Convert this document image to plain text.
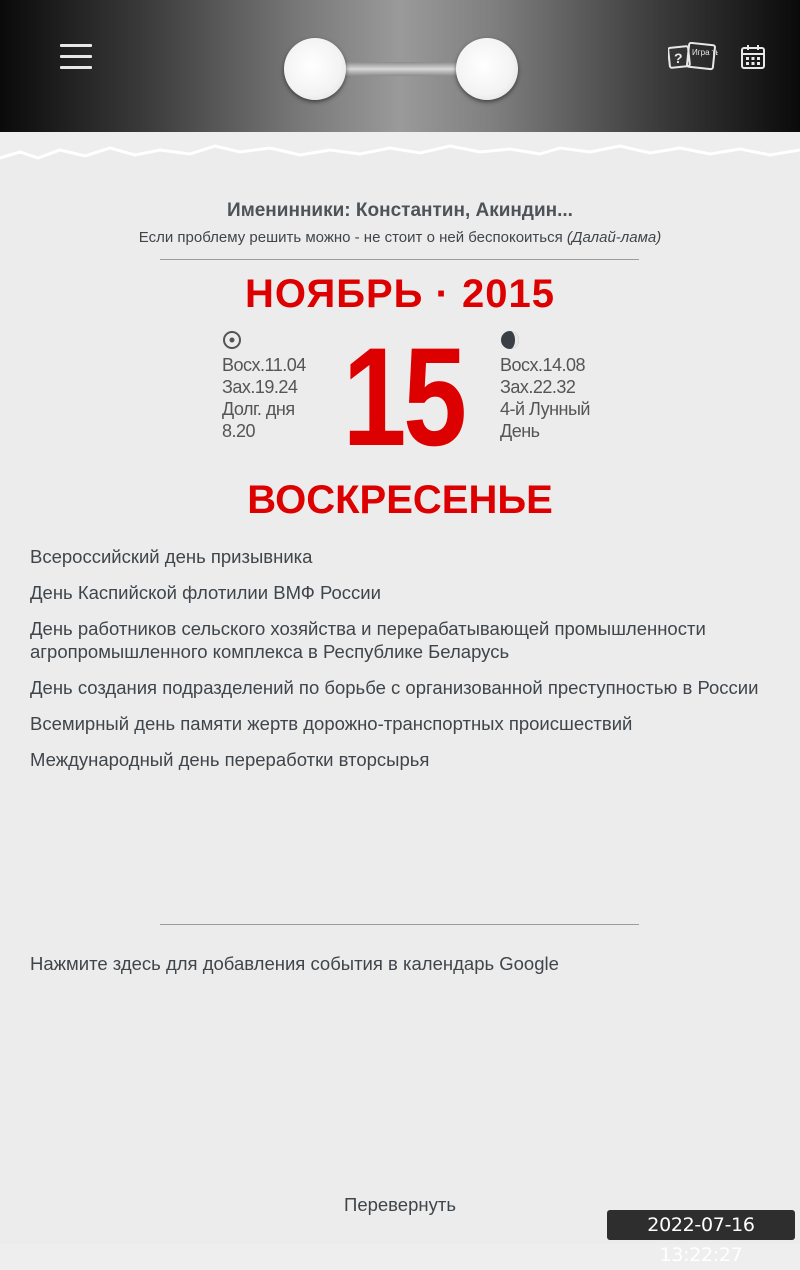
? Игра ть
Именинники: Константин, Акиндин...
Если проблему решить можно - не стоит о ней беспокоиться (Далай-лама)
НОЯБРЬ · 2015
Восх.11.04
Зах.19.24
Долг. дня
8.20 15 Восх.14.08
Зах.22.32
4-й Лунный
День
ВОСКРЕСЕНЬЕ
Всероссийский день призывника
День Каспийской флотилии ВМФ России
День работников сельского хозяйства и перерабатывающей промышленности агропромышленного комплекса в Республике Беларусь
День создания подразделений по борьбе с организованной преступностью в России
Всемирный день памяти жертв дорожно-транспортных происшествий
Международный день переработки вторсырья
Нажмите здесь для добавления события в календарь Google
Перевернуть
2022-07-16 13:22:27
